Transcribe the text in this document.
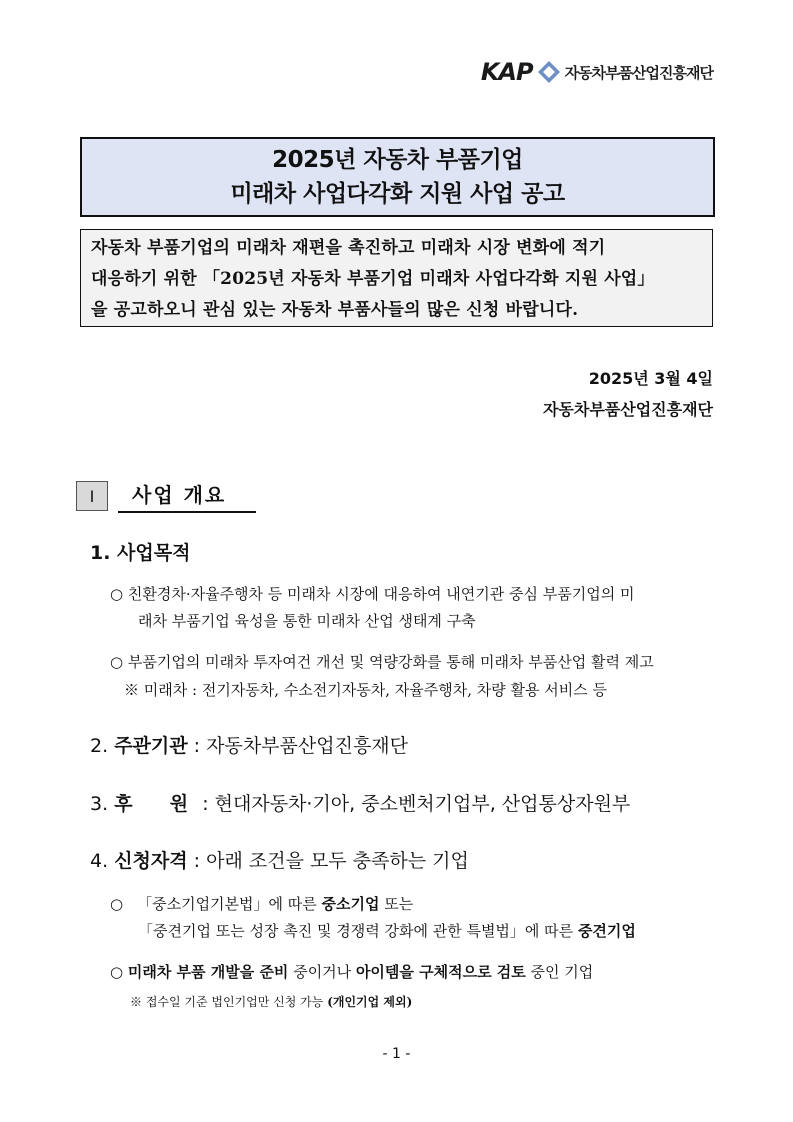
KAP 자동차부품산업진흥재단
2025년 자동차 부품기업
미래차 사업다각화 지원 사업 공고
자동차 부품기업의 미래차 재편을 촉진하고 미래차 시장 변화에 적기
대응하기 위한 「2025년 자동차 부품기업 미래차 사업다각화 지원 사업」
을 공고하오니 관심 있는 자동차 부품사들의 많은 신청 바랍니다.
2025년 3월 4일
자동차부품산업진흥재단
Ⅰ	사업 개요
1. 사업목적
○ 친환경차·자율주행차 등 미래차 시장에 대응하여 내연기관 중심 부품기업의 미
래차 부품기업 육성을 통한 미래차 산업 생태계 구축
○ 부품기업의 미래차 투자여건 개선 및 역량강화를 통해 미래차 부품산업 활력 제고
※ 미래차 : 전기자동차, 수소전기자동차, 자율주행차, 차량 활용 서비스 등
2. 주관기관 : 자동차부품산업진흥재단
3. 후  원 : 현대자동차·기아, 중소벤처기업부, 산업통상자원부
4. 신청자격 : 아래 조건을 모두 충족하는 기업
○ 「중소기업기본법」에 따른 중소기업 또는
「중견기업 또는 성장 촉진 및 경쟁력 강화에 관한 특별법」에 따른 중견기업
○ 미래차 부품 개발을 준비 중이거나 아이템을 구체적으로 검토 중인 기업
※ 접수일 기준 법인기업만 신청 가능 (개인기업 제외)
- 1 -
